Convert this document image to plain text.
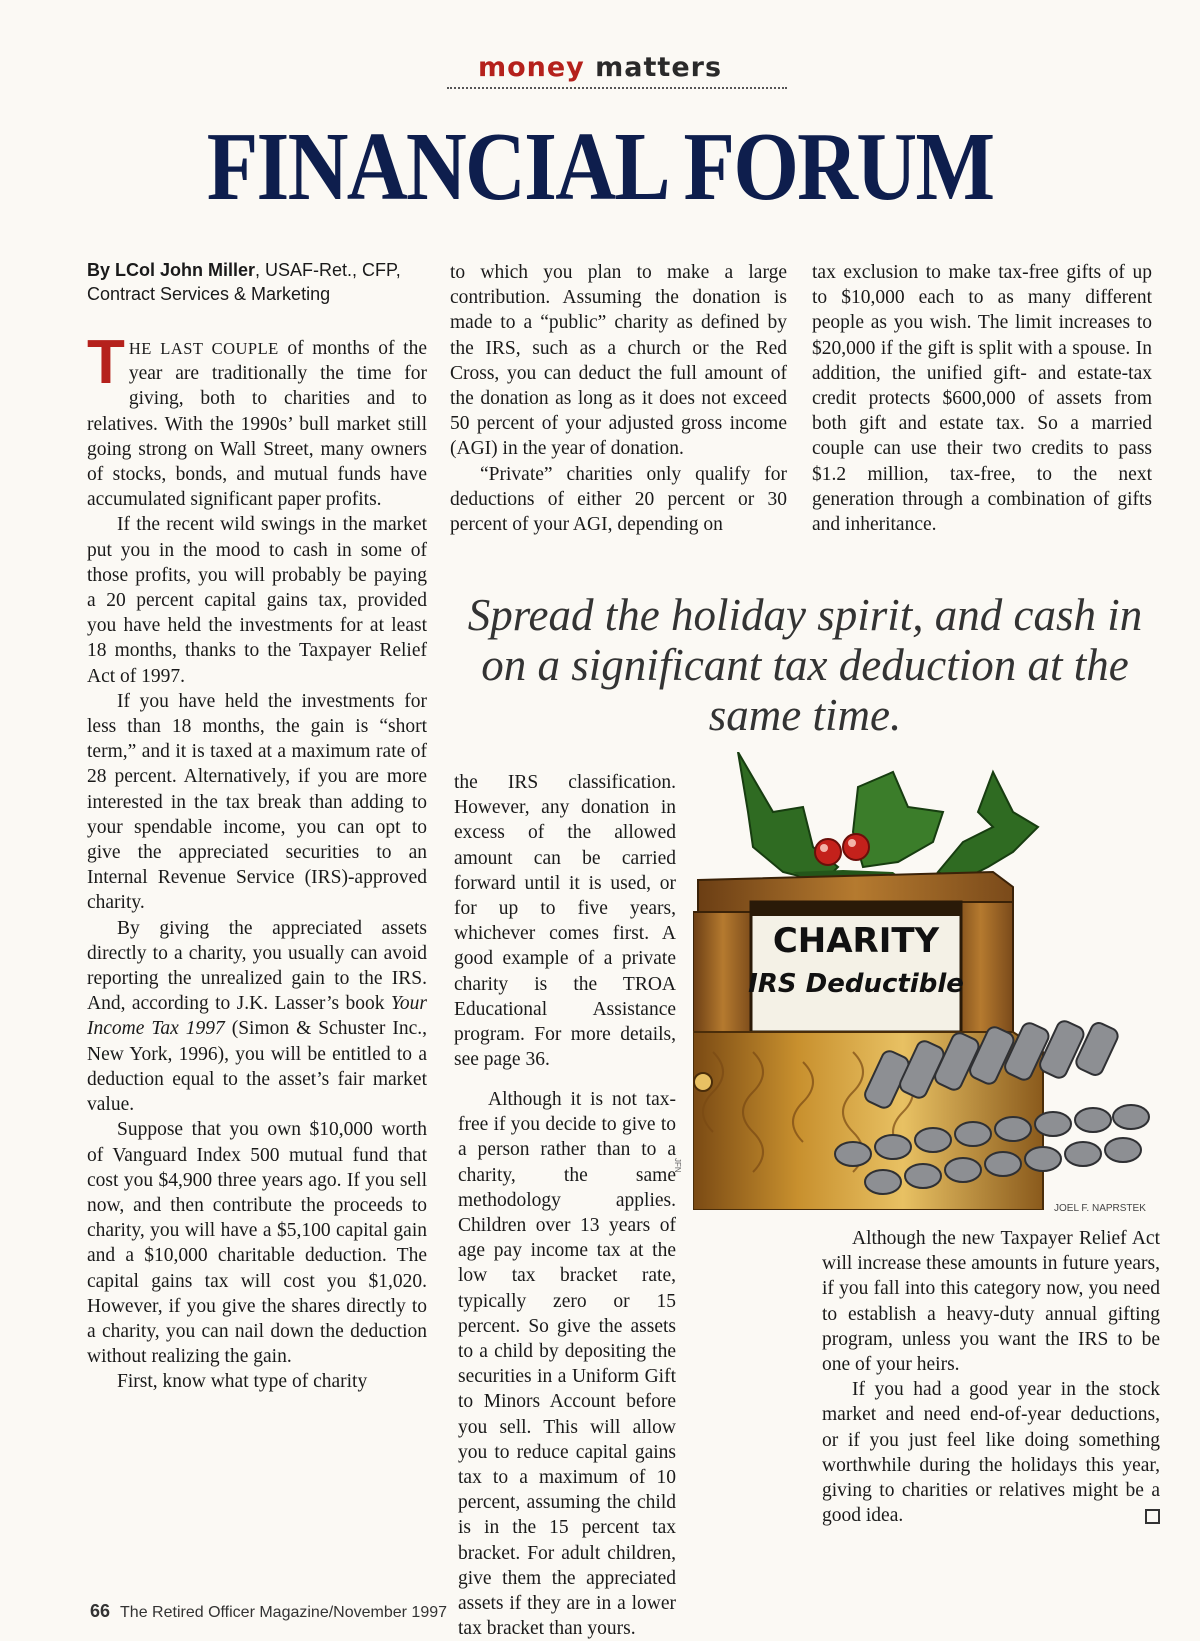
money matters
FINANCIAL FORUM
By LCol John Miller, USAF-Ret., CFP,
Contract Services & Marketing

THE LAST COUPLE of months of the year are traditionally the time for giving, both to charities and to relatives. With the 1990s’ bull market still going strong on Wall Street, many owners of stocks, bonds, and mutual funds have accumulated significant paper profits.

If the recent wild swings in the market put you in the mood to cash in some of those profits, you will probably be paying a 20 percent capital gains tax, provided you have held the investments for at least 18 months, thanks to the Taxpayer Relief Act of 1997.

If you have held the investments for less than 18 months, the gain is “short term,” and it is taxed at a maximum rate of 28 percent. Alternatively, if you are more interested in the tax break than adding to your spendable income, you can opt to give the appreciated securities to an Internal Revenue Service (IRS)-approved charity.

By giving the appreciated assets directly to a charity, you usually can avoid reporting the unrealized gain to the IRS. And, according to J.K. Lasser’s book Your Income Tax 1997 (Simon & Schuster Inc., New York, 1996), you will be entitled to a deduction equal to the asset’s fair market value.

Suppose that you own $10,000 worth of Vanguard Index 500 mutual fund that cost you $4,900 three years ago. If you sell now, and then contribute the proceeds to charity, you will have a $5,100 capital gain and a $10,000 charitable deduction. The capital gains tax will cost you $1,020. However, if you give the shares directly to a charity, you can nail down the deduction without realizing the gain.

First, know what type of charity

to which you plan to make a large contribution. Assuming the donation is made to a “public” charity as defined by the IRS, such as a church or the Red Cross, you can deduct the full amount of the donation as long as it does not exceed 50 percent of your adjusted gross income (AGI) in the year of donation.

“Private” charities only qualify for deductions of either 20 percent or 30 percent of your AGI, depending on

tax exclusion to make tax-free gifts of up to $10,000 each to as many different people as you wish. The limit increases to $20,000 if the gift is split with a spouse. In addition, the unified gift- and estate-tax credit protects $600,000 of assets from both gift and estate tax. So a married couple can use their two credits to pass $1.2 million, tax-free, to the next generation through a combination of gifts and inheritance.

Spread the holiday spirit, and cash in on a significant tax deduction at the same time.

the IRS classification. However, any donation in excess of the allowed amount can be carried forward until it is used, or for up to five years, whichever comes first. A good example of a private charity is the TROA Educational Assistance program. For more details, see page 36.

Although it is not tax-free if you decide to give to a person rather than to a charity, the same methodology applies. Children over 13 years of age pay income tax at the low tax bracket rate, typically zero or 15 percent. So give the assets to a child by depositing the securities in a Uniform Gift to Minors Account before you sell. This will allow you to reduce capital gains tax to a maximum of 10 percent, assuming the child is in the 15 percent tax bracket. For adult children, give them the appreciated assets if they are in a lower tax bracket than yours.

Although the new Taxpayer Relief Act will increase these amounts in future years, if you fall into this category now, you need to establish a heavy-duty annual gifting program, unless you want the IRS to be one of your heirs.

If you had a good year in the stock market and need end-of-year deductions, or if you just feel like doing something worthwhile during the holidays this year, giving to charities or relatives might be a good idea.

CHARITY
IRS Deductible
JOEL F. NAPRSTEK
JFN
66 The Retired Officer Magazine/November 1997
